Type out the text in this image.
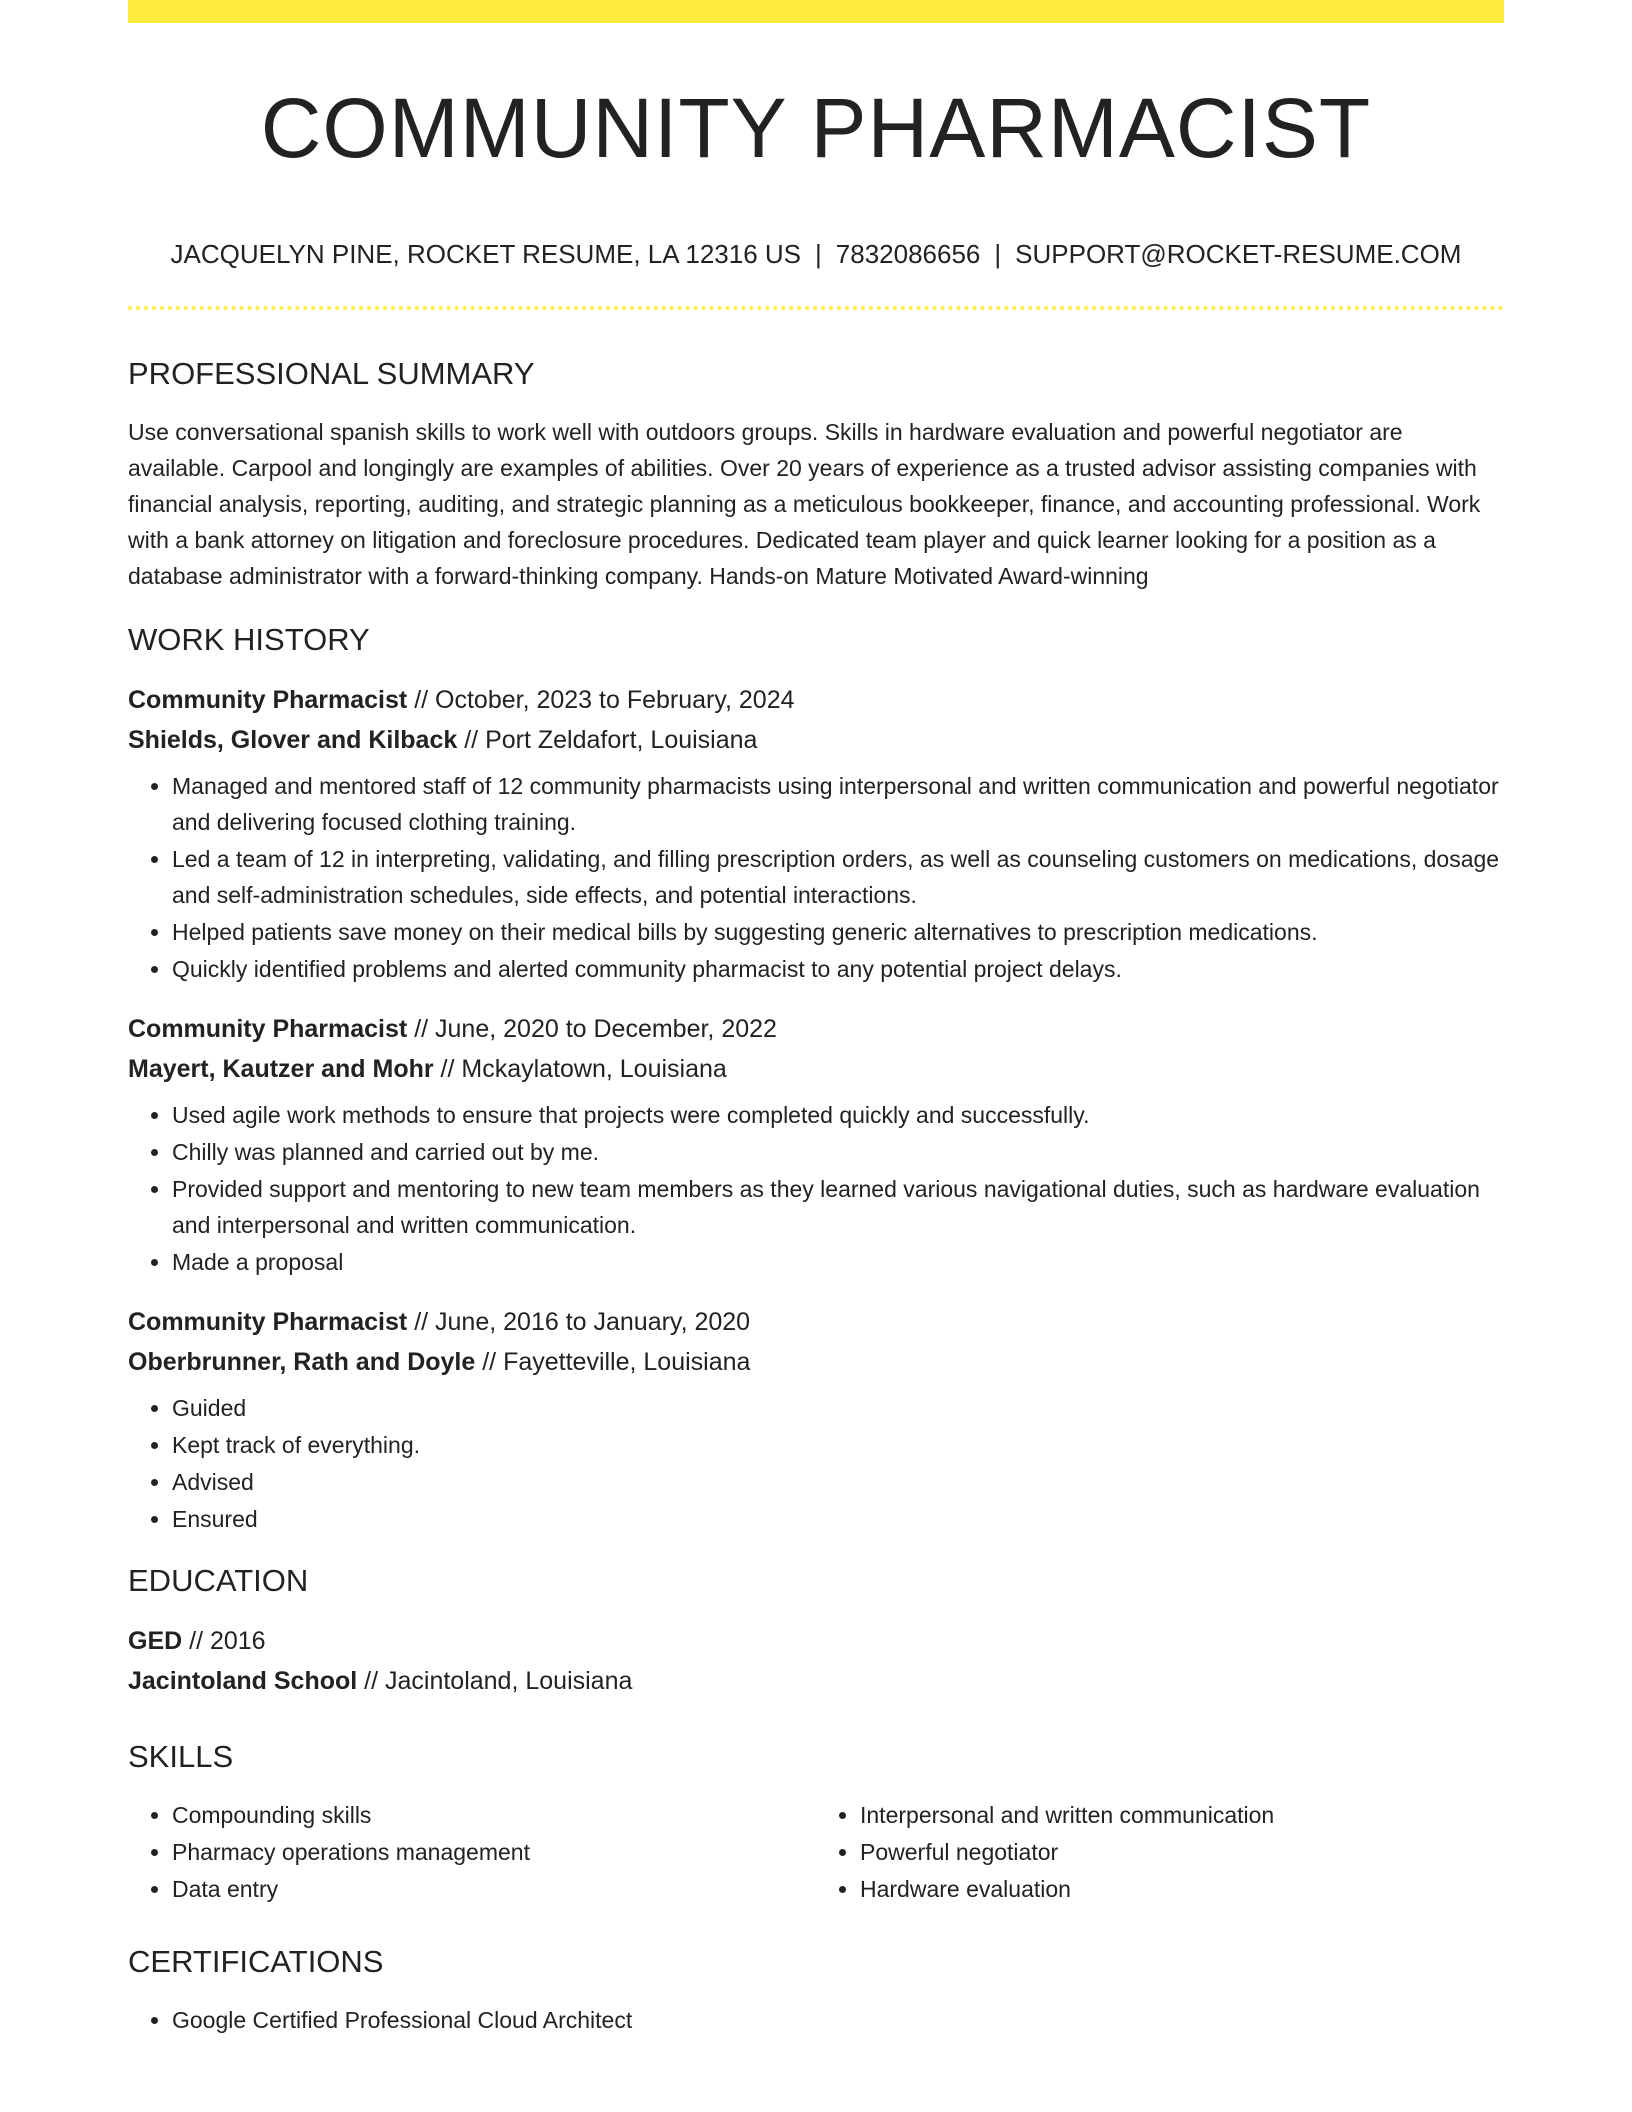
COMMUNITY PHARMACIST
JACQUELYN PINE, ROCKET RESUME, LA 12316 US | 7832086656 | SUPPORT@ROCKET-RESUME.COM
PROFESSIONAL SUMMARY

Use conversational spanish skills to work well with outdoors groups. Skills in hardware evaluation and powerful negotiator are available. Carpool and longingly are examples of abilities. Over 20 years of experience as a trusted advisor assisting companies with financial analysis, reporting, auditing, and strategic planning as a meticulous bookkeeper, finance, and accounting professional. Work with a bank attorney on litigation and foreclosure procedures. Dedicated team player and quick learner looking for a position as a database administrator with a forward-thinking company. Hands-on Mature Motivated Award-winning

WORK HISTORY

Community Pharmacist // October, 2023 to February, 2024

Shields, Glover and Kilback // Port Zeldafort, Louisiana

• Managed and mentored staff of 12 community pharmacists using interpersonal and written communication and powerful negotiator and delivering focused clothing training.
• Led a team of 12 in interpreting, validating, and filling prescription orders, as well as counseling customers on medications, dosage and self-administration schedules, side effects, and potential interactions.
• Helped patients save money on their medical bills by suggesting generic alternatives to prescription medications.
• Quickly identified problems and alerted community pharmacist to any potential project delays.

Community Pharmacist // June, 2020 to December, 2022

Mayert, Kautzer and Mohr // Mckaylatown, Louisiana

• Used agile work methods to ensure that projects were completed quickly and successfully.
• Chilly was planned and carried out by me.
• Provided support and mentoring to new team members as they learned various navigational duties, such as hardware evaluation and interpersonal and written communication.
• Made a proposal

Community Pharmacist // June, 2016 to January, 2020

Oberbrunner, Rath and Doyle // Fayetteville, Louisiana

• Guided
• Kept track of everything.
• Advised
• Ensured
EDUCATION

GED // 2016

Jacintoland School // Jacintoland, Louisiana

SKILLS
• Compounding skills
• Pharmacy operations management
• Data entry
• Interpersonal and written communication
• Powerful negotiator
• Hardware evaluation
CERTIFICATIONS
• Google Certified Professional Cloud Architect
